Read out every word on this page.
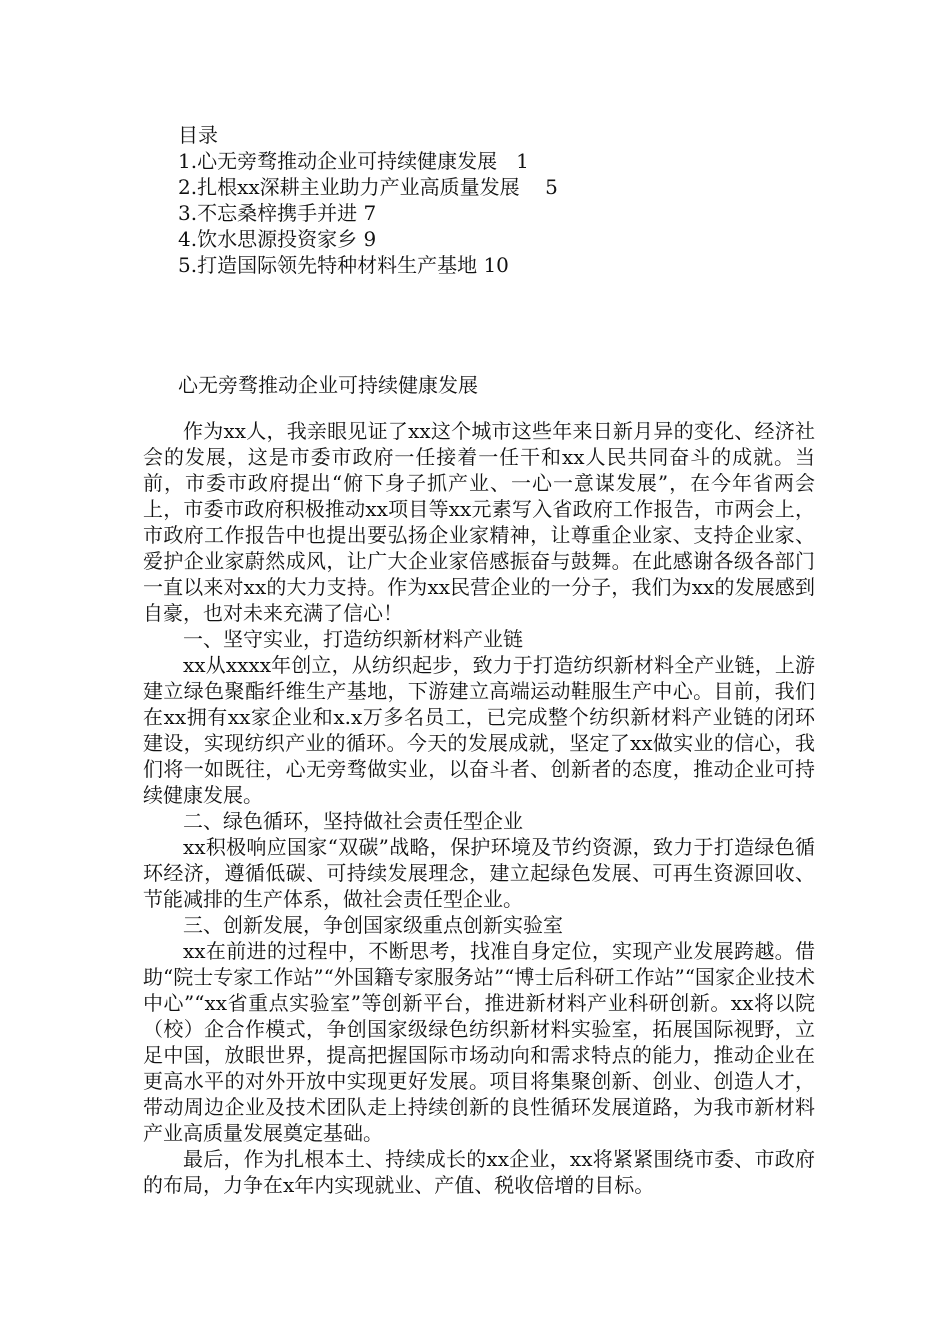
目录
1.心无旁骛推动企业可持续健康发展   1
2.扎根xx深耕主业助力产业高质量发展    5
3.不忘桑梓携手并进 7
4.饮水思源投资家乡 9
5.打造国际领先特种材料生产基地 10
心无旁骛推动企业可持续健康发展

作为xx人，我亲眼见证了xx这个城市这些年来日新月异的变化、经济社会的发展，这是市委市政府一任接着一任干和xx人民共同奋斗的成就。当前，市委市政府提出“俯下身子抓产业、一心一意谋发展”，在今年省两会上，市委市政府积极推动xx项目等xx元素写入省政府工作报告，市两会上，市政府工作报告中也提出要弘扬企业家精神，让尊重企业家、支持企业家、爱护企业家蔚然成风，让广大企业家倍感振奋与鼓舞。在此感谢各级各部门一直以来对xx的大力支持。作为xx民营企业的一分子，我们为xx的发展感到自豪，也对未来充满了信心！

一、坚守实业，打造纺织新材料产业链

xx从xxxx年创立，从纺织起步，致力于打造纺织新材料全产业链，上游建立绿色聚酯纤维生产基地，下游建立高端运动鞋服生产中心。目前，我们在xx拥有xx家企业和x.x万多名员工，已完成整个纺织新材料产业链的闭环建设，实现纺织产业的循环。今天的发展成就，坚定了xx做实业的信心，我们将一如既往，心无旁骛做实业，以奋斗者、创新者的态度，推动企业可持续健康发展。

二、绿色循环，坚持做社会责任型企业

xx积极响应国家“双碳”战略，保护环境及节约资源，致力于打造绿色循环经济，遵循低碳、可持续发展理念，建立起绿色发展、可再生资源回收、节能减排的生产体系，做社会责任型企业。

三、创新发展，争创国家级重点创新实验室

xx在前进的过程中，不断思考，找准自身定位，实现产业发展跨越。借助“院士专家工作站”“外国籍专家服务站”“博士后科研工作站”“国家企业技术中心”“xx省重点实验室”等创新平台，推进新材料产业科研创新。xx将以院（校）企合作模式，争创国家级绿色纺织新材料实验室，拓展国际视野，立足中国，放眼世界，提高把握国际市场动向和需求特点的能力，推动企业在更高水平的对外开放中实现更好发展。项目将集聚创新、创业、创造人才，带动周边企业及技术团队走上持续创新的良性循环发展道路，为我市新材料产业高质量发展奠定基础。

最后，作为扎根本土、持续成长的xx企业，xx将紧紧围绕市委、市政府的布局，力争在x年内实现就业、产值、税收倍增的目标。
